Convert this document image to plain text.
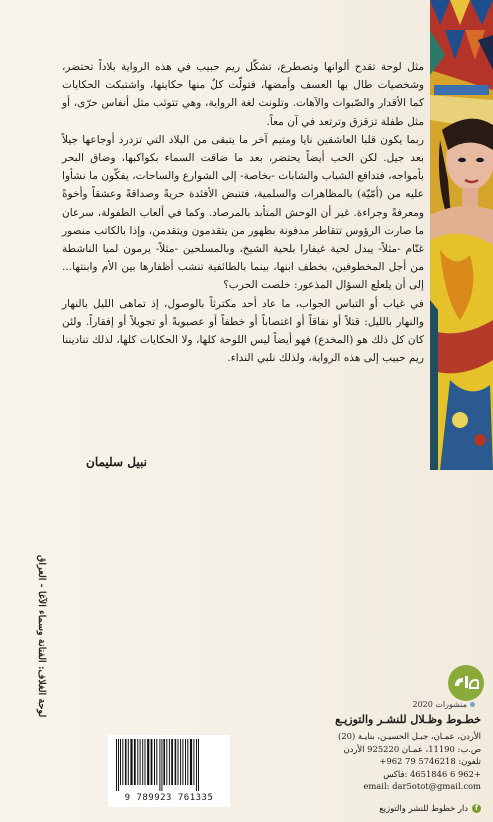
مثل لوحة تقدح ألوانها وتصطرع، تشكّل ريم حبيب في هذه الرواية بلاداً تحتضر، وشخصيات طال بها العسف وأمضها، فتولّت كلٌ منها حكايتها، واشتبكت الحكايات كما الأقدار والصّبوات والآهات. وتلونت لغة الرواية، وهي تتوثب مثل أنفاس حرّى، أو مثل طفلة تزقزق وترتعد في آن معاً.

ربما يكون قلبا العاشقين نايا ومتيم آخر ما يتبقى من البلاد التي تزدرد أوجاعها جيلاً بعد جيل. لكن الحب أيضاً يحتضر، بعد ما ضاقت السماء بكواكبها، وضاق البحر بأمواجه، فتدافع الشباب والشابات -بخاصة- إلى الشوارع والساحات، يفكّون ما نشأوا عليه من (أمّيّة) بالمظاهرات والسلمية، فتنبض الأفئدة حريةً وصداقةً وعشقاً وأخوةً ومعرفةً وجراءة. غير أن الوحش المتأبد بالمرصاد. وكما في ألعاب الطفولة، سرعان ما صارت الرؤوس تتقاطر مدفونة بظهور من يتقدمون ويتقدمن، وإذا بالكاتب منصور غنّام -مثلاً- يبدل لحية غيفارا بلحية الشيخ، وبالمسلحين -مثلاً- يرمون لميا الناشطة من أجل المخطوفين، بخطف ابنها، بينما بالطائفية تنشب أظفارها بين الأم وابنتها... إلى أن يلعلع السؤال المذعور: خلصت الحرب؟

في غياب أو التباس الجواب، ما عاد أحد مكترثاً بالوصول، إذ تماهى الليل بالنهار والنهار بالليل: قتلاً أو نفاقاً أو اغتصاباً أو خطفاً أو عصبويةً أو تجويلاً أو إفقاراً. ولئن كان كل ذلك هو (المخدع) فهو أيضاً ليس اللوحة كلها، ولا الحكايات كلها، لذلك تناديننا ريم حبيب إلى هذه الرواية، ولذلك نلبي النداء.

نبيل سليمان
لوحة الغلاف: الفنانة وسماء الآغا - العراق	منشورات 2020
خطـوط وظـلال للنشـر والتوزيـع
الأردن، عمـان، جبـل الحسيـن، بنايـة (20)
ص.ب: 11190، عمـان 925220 الأردن
تلفون: 5746218 79 962+
+962 6 4651846 :فاكس
email: dar5otot@gmail.com
f
دار خطوط للنشر والتوزيع
9 789923 761335
